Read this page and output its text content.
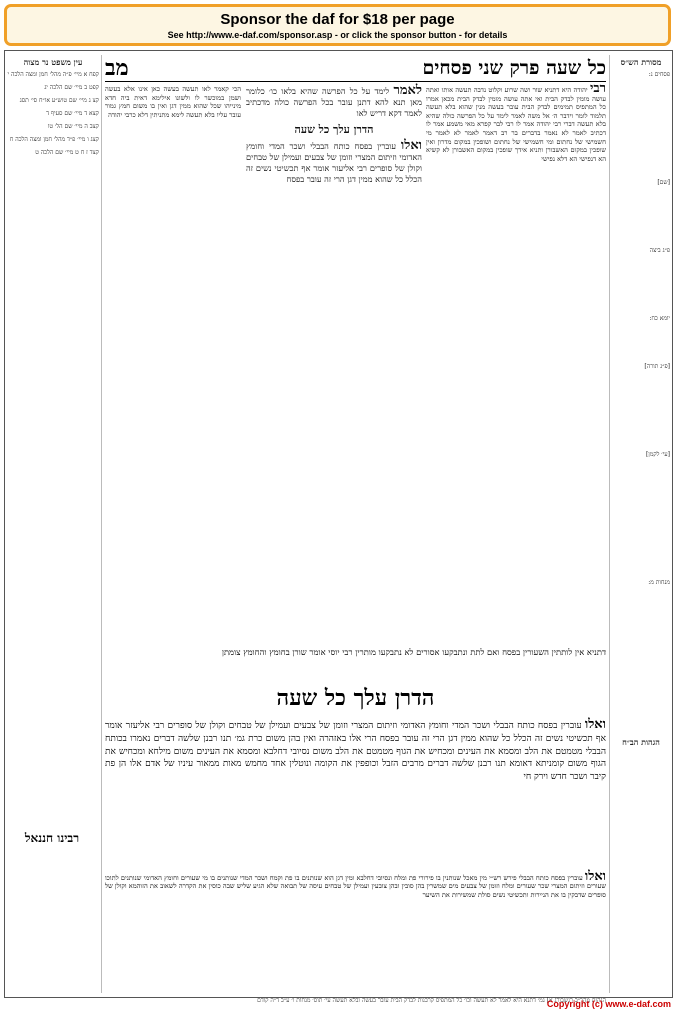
Sponsor the daf for $18 per page
See http://www.e-daf.com/sponsor.asp - or click the sponsor button - for details
מסורת הש״ס
פסחים נ:
[שם]
פ״ג ביצה
יומא כח:
[פ״ג תורה]
[עי׳ לקמן]
מנחות מ:
הגהות הב״ח
עין משפט נר מצוה
קפח א מיי׳ פ״ה מהל׳ חמן ומצה הלכה י
קפט ב מיי׳ שם הלכה יג
קצ ג מיי׳ שם טוש״ע או״ח סי׳ תסג
קצא ד מיי׳ שם סעיף ד
קצב ה מיי׳ שם הל׳ טו
קצג ו מיי׳ פ״ד מהל׳ חמן ומצה הלכה ח
קצד ז ח ט מיי׳ שם הלכה ט
כל שעה פרק שני פסחים
מב
רבי יהודה היא דתניא שור ושה שרוע וקלוט נדבה תעשה אותו ואתה עושה מומין לבדק הבית ואי אתה עושה מומין לבדק הבית מכאן אמרו כל המתפיס תמימים לבדק הבית עובר בעשה מנין שהוא בלא תעשה תלמוד לומר וידבר ה׳ אל משה לאמר לימד על כל הפרשה כולה שהיא בלא תעשה דברי רבי יהודה אמר לו רבי לבר קפרא מאי משמע אמר לו דכתיב לאמר לא נאמר בדברים בר רב דאמר לאמר לא לאמר מי חשמישי של נחתום ומי חשמישי של נחתום ושופכין במקום מדרון ואין שופכין במקום האשבורן ותניא אידך שופכין במקום האשבורן לא קשיא הא דנפישי הא דלא נפישי
לאמר לימד על כל הפרשה שהיא בלאו כו׳ כלומר מאן תנא להא דתנן עובר בכל הפרשה כולה מדכתיב לאמר דקא דריש לאו
הדרן עלך כל שעה
ואלו עוברין בפסח כותח הבבלי ושכר המדי וחומץ האדומי וזיתום המצרי וזומן של צבעים ועמילן של טבחים וקולן של סופרים רבי אליעזר אומר אף תכשיטי נשים זה הכלל כל שהוא ממין דגן הרי זה עובר בפסח
הכי קאמר לאו תעשה בעשה כאן אינו אלא בעשה ושמן במוכשר לו ולשונו אילימא דאית ביה חדא מינייהו שכל שהוא ממין דגן ואין בו משום חמץ גמור עובר עליו בלא תעשה לימא מתניתין דלא כרבי יהודה
דתניא אין לותתין השעורין בפסח ואם לתת ונתבקעו אסורים לא נתבקעו מותרין רבי יוסי אומר שורן בחומץ והחומץ צומתן
הדרן עלך כל שעה
ואלו עוברין בפסח כותח הבבלי ושכר המדי וחומץ האדומי וזיתום המצרי וזומן של צבעים ועמילן של טבחים וקולן של סופרים רבי אליעזר אומר אף תכשיטי נשים זה הכלל כל שהוא ממין דגן הרי זה עובר בפסח הרי אלו באזהרה ואין בהן משום כרת גמ׳ תנו רבנן שלשה דברים נאמרו בכותח הבבלי מטמטם את הלב ומסמא את העינים ומכחיש את הגוף מטמטם את הלב משום נסיובי דחלבא ומסמא את העינים משום מילחא ומכחיש את הגוף משום קומניתא דאומא תנו רבנן שלשה דברים מרבים הזבל וכופפין את הקומה ונוטלין אחד מחמש מאות ממאור עיניו של אדם אלו הן פת קיבר ושכר חדש וירק חי
רבינו חננאל
ואלו עוברין בפסח כותח הבבלי פירש רש״י מין מאכל שנותנין בו פירורי פת ומלח ונסיובי דחלבא ומין דגן הוא שנותנים בו פת וקמח ושכר המדי שנותנים בו מי שעורים וחומץ האדומי שנותנים לתוכו שעורים וזיתום המצרי שכר שעורים ומלח וזומן של צבעים מים שמשרין בהן סובין ובהן צובעין ועמילן של טבחים עיסה של תבואה שלא הגיע שליש שבה כוסין את הקדרה לשאוב את הזוהמא וקולן של סופרים שדבקין בו את הניירות ותכשיטי נשים סולת שמשירות את השיער
הגהות מהר״ב רנשבורג א] גמ׳ דתנא היא לאמר לא תעשה וכו׳ כל המתפיס קרבנות לבדק הבית עובר בעשה ובלא תעשה עי׳ תוס׳ מנחות ו׳ ע״ב ד״ה קודם
Copyright (c) www.e-daf.com
